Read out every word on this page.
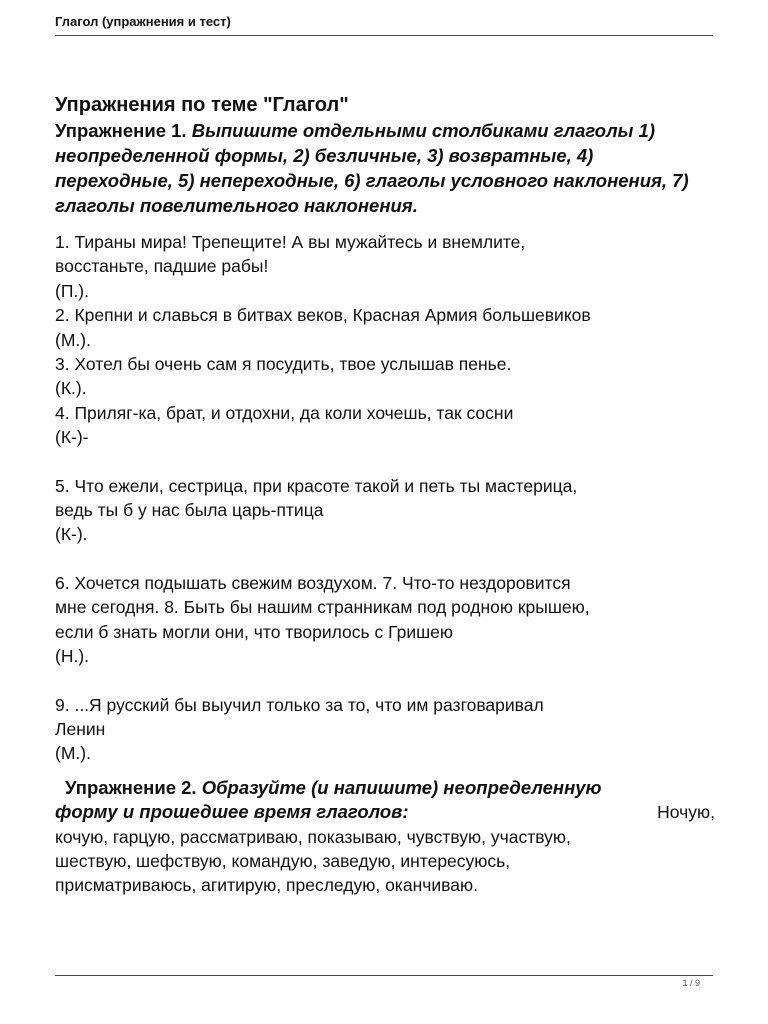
Глагол (упражнения и тест)

Упражнения по теме "Глагол"

Упражнение 1. Выпишите отдельными столбиками глаголы 1) неопределенной формы, 2) безличные, 3) возвратные, 4) переходные, 5) непереходные, 6) глаголы условного наклонения, 7) глаголы повелительного наклонения.

1. Тираны мира! Трепещите! А вы мужайтесь и внемлите,

восстаньте, падшие рабы!

(П.).

2. Крепни и славься в битвах веков, Красная Армия большевиков

(М.).

3. Хотел бы очень сам я посудить, твое услышав пенье.

(К.).

4. Приляг-ка, брат, и отдохни, да коли хочешь, так сосни

(К-)-

5. Что ежели, сестрица, при красоте такой и петь ты мастерица,

ведь ты б у нас была царь-птица

(К-).

6. Хочется подышать свежим воздухом. 7. Что-то нездоровится

мне сегодня. 8. Быть бы нашим странникам под родною крышею,

если б знать могли они, что творилось с Гришею

(Н.).

9. ...Я русский бы выучил только за то, что им разговаривал

Ленин

(М.).

Упражнение 2. Образуйте (и напишите) неопределенную

форму и прошедшее время глаголов:	Ночую,

кочую, гарцую, рассматриваю, показываю, чувствую, участвую,

шествую, шефствую, командую, заведую, интересуюсь,

присматриваюсь, агитирую, преследую, оканчиваю.

1 / 9
